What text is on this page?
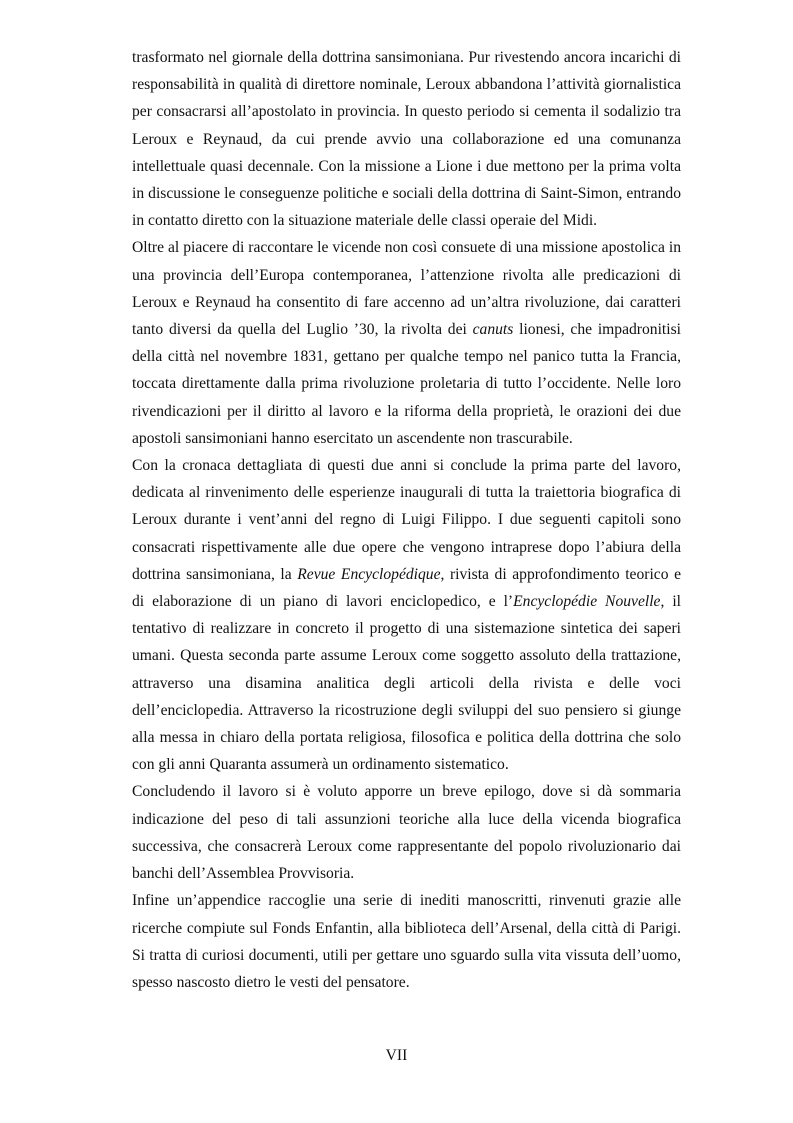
trasformato nel giornale della dottrina sansimoniana. Pur rivestendo ancora incarichi di responsabilità in qualità di direttore nominale, Leroux abbandona l’attività giornalistica per consacrarsi all’apostolato in provincia. In questo periodo si cementa il sodalizio tra Leroux e Reynaud, da cui prende avvio una collaborazione ed una comunanza intellettuale quasi decennale. Con la missione a Lione i due mettono per la prima volta in discussione le conseguenze politiche e sociali della dottrina di Saint-Simon, entrando in contatto diretto con la situazione materiale delle classi operaie del Midi.

Oltre al piacere di raccontare le vicende non così consuete di una missione apostolica in una provincia dell’Europa contemporanea, l’attenzione rivolta alle predicazioni di Leroux e Reynaud ha consentito di fare accenno ad un’altra rivoluzione, dai caratteri tanto diversi da quella del Luglio ’30, la rivolta dei canuts lionesi, che impadronitisi della città nel novembre 1831, gettano per qualche tempo nel panico tutta la Francia, toccata direttamente dalla prima rivoluzione proletaria di tutto l’occidente. Nelle loro rivendicazioni per il diritto al lavoro e la riforma della proprietà, le orazioni dei due apostoli sansimoniani hanno esercitato un ascendente non trascurabile.

Con la cronaca dettagliata di questi due anni si conclude la prima parte del lavoro, dedicata al rinvenimento delle esperienze inaugurali di tutta la traiettoria biografica di Leroux durante i vent’anni del regno di Luigi Filippo. I due seguenti capitoli sono consacrati rispettivamente alle due opere che vengono intraprese dopo l’abiura della dottrina sansimoniana, la Revue Encyclopédique, rivista di approfondimento teorico e di elaborazione di un piano di lavori enciclopedico, e l’Encyclopédie Nouvelle, il tentativo di realizzare in concreto il progetto di una sistemazione sintetica dei saperi umani. Questa seconda parte assume Leroux come soggetto assoluto della trattazione, attraverso una disamina analitica degli articoli della rivista e delle voci dell’enciclopedia. Attraverso la ricostruzione degli sviluppi del suo pensiero si giunge alla messa in chiaro della portata religiosa, filosofica e politica della dottrina che solo con gli anni Quaranta assumerà un ordinamento sistematico.

Concludendo il lavoro si è voluto apporre un breve epilogo, dove si dà sommaria indicazione del peso di tali assunzioni teoriche alla luce della vicenda biografica successiva, che consacrerà Leroux come rappresentante del popolo rivoluzionario dai banchi dell’Assemblea Provvisoria.

Infine un’appendice raccoglie una serie di inediti manoscritti, rinvenuti grazie alle ricerche compiute sul Fonds Enfantin, alla biblioteca dell’Arsenal, della città di Parigi. Si tratta di curiosi documenti, utili per gettare uno sguardo sulla vita vissuta dell’uomo, spesso nascosto dietro le vesti del pensatore.

VII
